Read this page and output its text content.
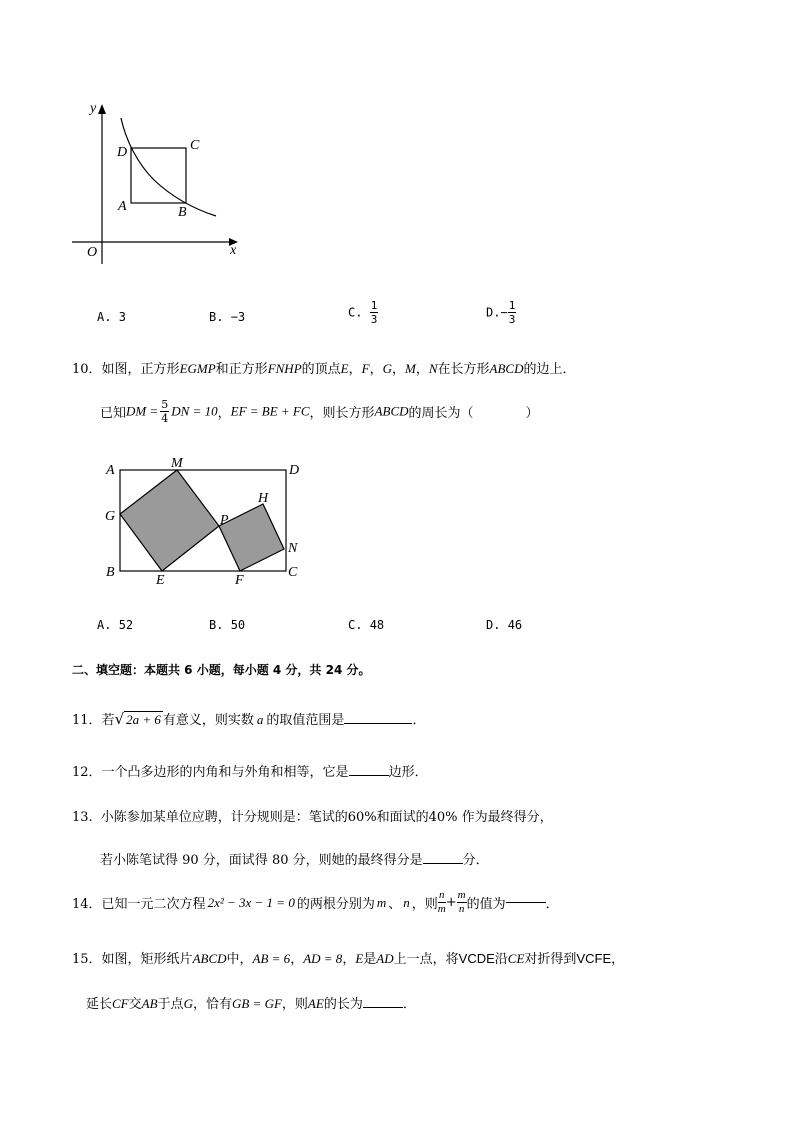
y
x
O
D	C
A	B
A. 3	B. −3	C. $\frac{1}{3}$	$D.- \frac{1}{3}$
10．如图，正方形EGMP和正方形FNHP的顶点E，F，G，M，N在长方形ABCD的边上．
已知DM = $\frac{5}{4}$ DN = 10，EF = BE + FC，则长方形ABCD的周长为（	）
A	M	D
G	P
H
N
B
E	F
C
A. 52	B. 50	C. 48	D. 46
二、填空题：本题共 6 小题，每小题 4 分，共 24 分。
11．若√ 2a + 6 有意义，则实数 a 的取值范围是	．
12．一个凸多边形的内角和与外角和相等，它是	边形．
13. 小陈参加某单位应聘，计分规则是：笔试的60%和面试的40% 作为最终得分，
若小陈笔试得 90 分，面试得 80 分，则她的最终得分是	分．
14．已知一元二次方程 2x² − 3x − 1 = 0 的两根分别为 m 、 n ，则 $\frac{n}{m} + \frac{m}{n}$ 的值为	．
15．如图，矩形纸片ABCD中，AB = 6，AD = 8，E是AD上一点，将VCDE沿CE对折得到VCFE，
延长CF交AB于点G，恰有GB = GF，则AE的长为	．
